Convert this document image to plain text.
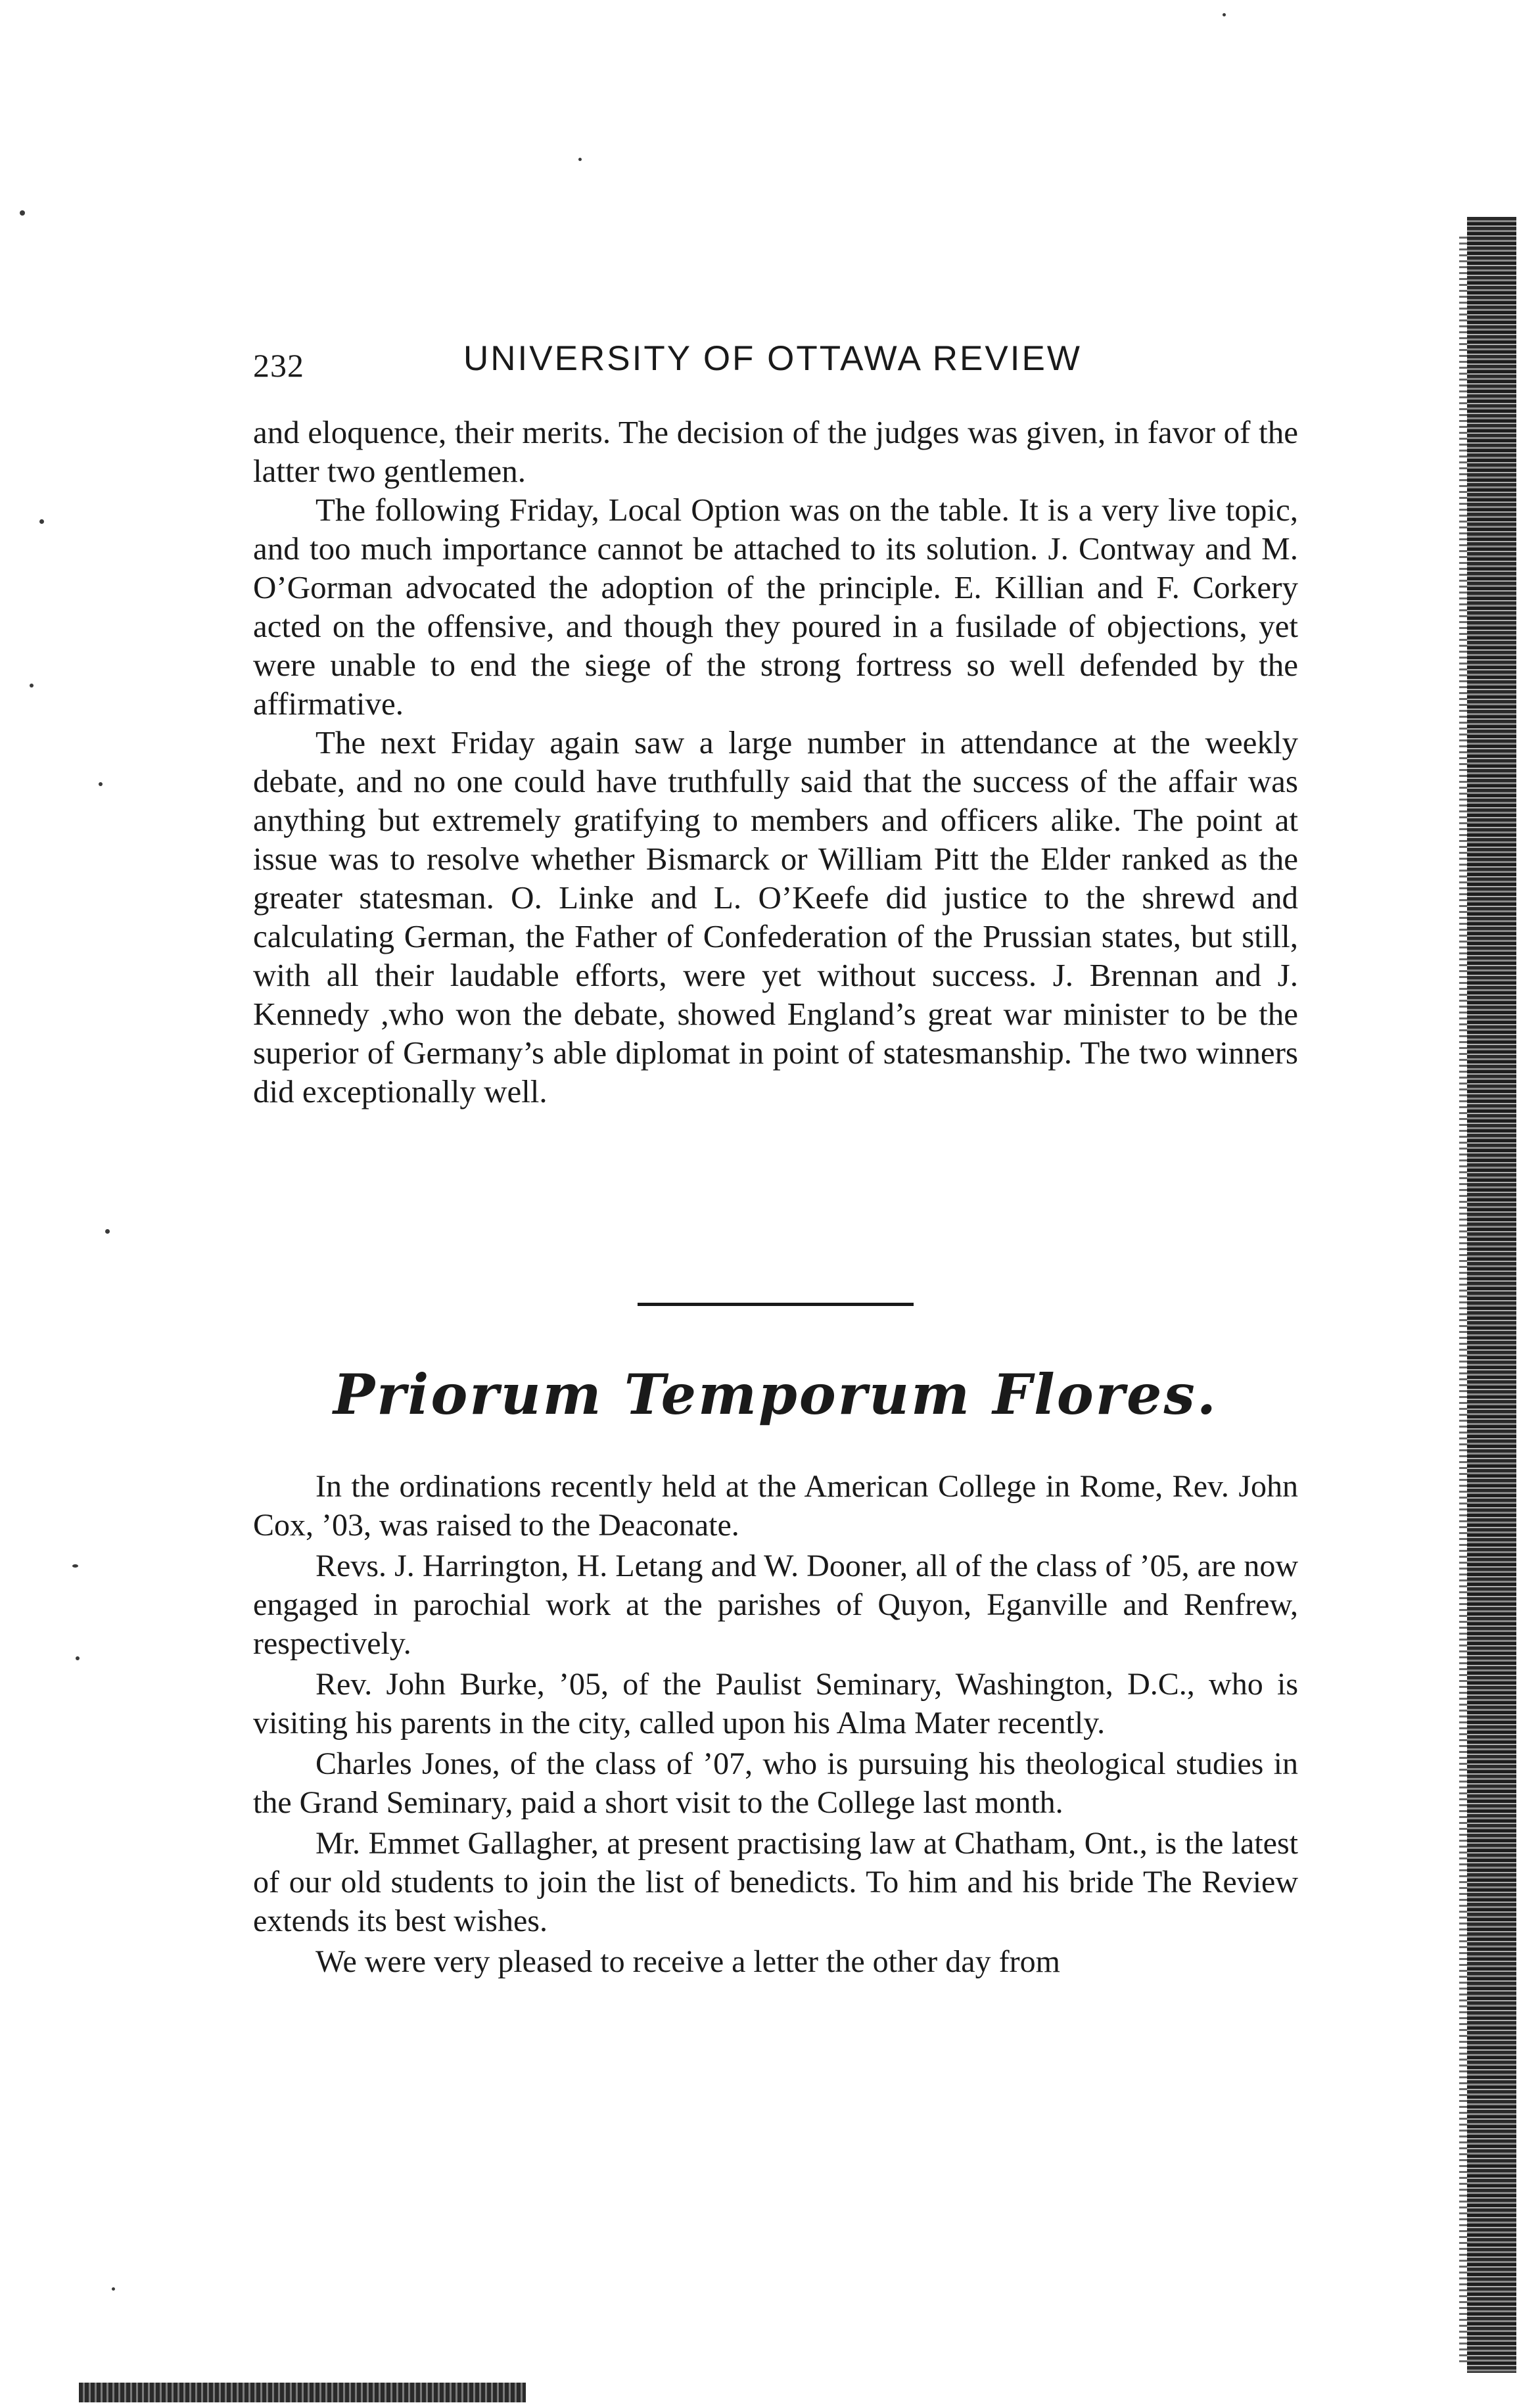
232	UNIVERSITY OF OTTAWA REVIEW

and eloquence, their merits. The decision of the judges was given, in favor of the latter two gentlemen.

The following Friday, Local Option was on the table. It is a very live topic, and too much importance cannot be attached to its solution. J. Contway and M. O’Gorman advocated the adoption of the principle. E. Killian and F. Corkery acted on the offensive, and though they poured in a fusilade of objections, yet were unable to end the siege of the strong fortress so well defended by the affirmative.

The next Friday again saw a large number in attendance at the weekly debate, and no one could have truthfully said that the success of the affair was anything but extremely gratifying to members and officers alike. The point at issue was to resolve whether Bismarck or William Pitt the Elder ranked as the greater statesman. O. Linke and L. O’Keefe did justice to the shrewd and calculating German, the Father of Confederation of the Prussian states, but still, with all their laudable efforts, were yet without success. J. Brennan and J. Kennedy ,who won the debate, showed England’s great war minister to be the superior of Germany’s able diplomat in point of statesmanship. The two winners did exceptionally well.

Priorum Temporum Flores.

In the ordinations recently held at the American College in Rome, Rev. John Cox, ’03, was raised to the Deaconate.

Revs. J. Harrington, H. Letang and W. Dooner, all of the class of ’05, are now engaged in parochial work at the parishes of Quyon, Eganville and Renfrew, respectively.

Rev. John Burke, ’05, of the Paulist Seminary, Washington, D.C., who is visiting his parents in the city, called upon his Alma Mater recently.

Charles Jones, of the class of ’07, who is pursuing his theological studies in the Grand Seminary, paid a short visit to the College last month.

Mr. Emmet Gallagher, at present practising law at Chatham, Ont., is the latest of our old students to join the list of benedicts. To him and his bride The Review extends its best wishes.

We were very pleased to receive a letter the other day from
